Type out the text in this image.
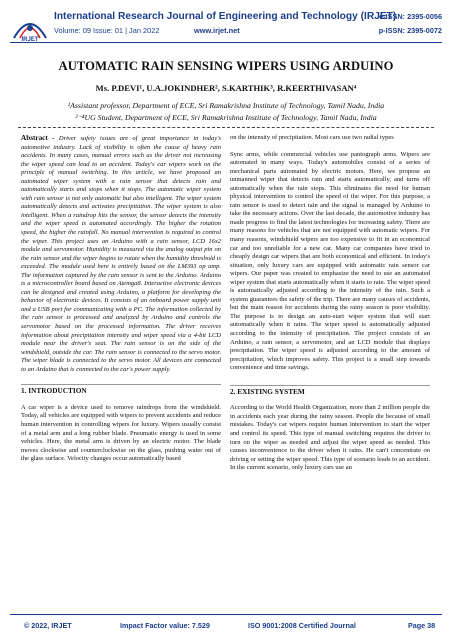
IRJET
International Research Journal of Engineering and Technology (IRJET)
Volume: 09 Issue: 01 | Jan 2022	www.irjet.net
e-ISSN: 2395-0056
p-ISSN: 2395-0072
AUTOMATIC RAIN SENSING WIPERS USING ARDUINO
Ms. P.DEVI¹, U.A.JOKINDHER², S.KARTHIK³, R.KEERTHIVASAN⁴
¹Assistant professor, Department of ECE, Sri Ramakrishna Institute of Technology, Tamil Nadu, India
²⁻⁴UG Student, Department of ECE, Sri Ramakrishna Institute of Technology, Tamil Nadu, India

Abstract - Driver safety issues are of great importance in today's automotive industry. Lack of visibility is often the cause of heavy rain accidents. In many cases, manual errors such as the driver not increasing the wiper speed can lead to an accident. Today's car wipers work on the principle of manual switching. In this article, we have proposed an automated wiper system with a rain sensor that detects rain and automatically starts and stops when it stops. The automatic wiper system with rain sensor is not only automatic but also intelligent. The wiper system automatically detects and activates precipitation. The wiper system is also intelligent. When a raindrop hits the sensor, the sensor detects the intensity and the wiper speed is automated accordingly. The higher the rotation speed, the higher the rainfall. No manual intervention is required to control the wiper. This project uses an Arduino with a rain sensor, LCD 16x2 module and servomotor. Humidity is measured via the analog output pin on the rain sensor and the wiper begins to rotate when the humidity threshold is exceeded. The module used here is entirely based on the LM393 op amp. The information captured by the rain sensor is sent to the Arduino. Arduino is a microcontroller board based on Atemga8. Interactive electronic devices can be designed and created using Arduino, a platform for developing the behavior of electronic devices. It consists of an onboard power supply unit and a USB port for communicating with a PC. The information collected by the rain sensor is processed and analyzed by Arduino and controls the servomotor based on the processed information. The driver receives information about precipitation intensity and wiper speed via a 4-bit LCD module near the driver's seat. The rain sensor is on the side of the windshield, outside the car. The rain sensor is connected to the servo motor. The wiper blade is connected to the servo motor. All devices are connected to an Arduino that is connected to the car's power supply.

1. INTRODUCTION

A car wiper is a device used to remove raindrops from the windshield. Today, all vehicles are equipped with wipers to prevent accidents and reduce human intervention in controlling wipers for luxury. Wipers usually consist of a metal arm and a long rubber blade. Pneumatic energy is used in some vehicles. Here, the metal arm is driven by an electric motor. The blade moves clockwise and counterclockwise on the glass, pushing water out of the glass surface. Velocity changes occur automatically based

on the intensity of precipitation. Most cars use two radial types

Sync arms, while commercial vehicles use pantograph arms. Wipers are automated in many ways. Today's automobiles consist of a series of mechanical parts automated by electric motors. Here, we propose an unmanned wiper that detects rain and starts automatically, and turns off automatically when the rain stops. This eliminates the need for human physical intervention to control the speed of the wiper. For this purpose, a rain sensor is used to detect rain and the signal is managed by Arduino to take the necessary actions. Over the last decade, the automotive industry has made progress to find the latest technologies for increasing safety. There are many reasons for vehicles that are not equipped with automatic wipers. For many reasons, windshield wipers are too expensive to fit in an economical car and too unreliable for a new car. Many car companies have tried to cheaply design car wipers that are both economical and efficient. In today's situation, only luxury cars are equipped with automatic rain sensor car wipers. Our paper was created to emphasize the need to use an automated wiper system that starts automatically when it starts to rain. The wiper speed is automatically adjusted according to the intensity of the rain. Such a system guarantees the safety of the trip. There are many causes of accidents, but the main reason for accidents during the rainy season is poor visibility. The purpose is to design an auto-start wiper system that will start automatically when it rains. The wiper speed is automatically adjusted according to the intensity of precipitation. The project consists of an Arduino, a rain sensor, a servomotor, and an LCD module that displays precipitation. The wiper speed is adjusted according to the amount of precipitation, which improves safety. This project is a small step towards convenience and time savings.

2. EXISTING SYSTEM

According to the World Health Organization, more than 2 million people die in accidents each year during the rainy season. People die because of small mistakes. Today's car wipers require human intervention to start the wiper and control its speed. This type of manual switching requires the driver to turn on the wiper as needed and adjust the wiper speed as needed. This causes inconvenience to the driver when it rains. He can't concentrate on driving or setting the wiper speed. This type of scenario leads to an accident. In the current scenario, only luxury cars use an

© 2022, IRJET	Impact Factor value: 7.529	ISO 9001:2008 Certified Journal	Page 38
